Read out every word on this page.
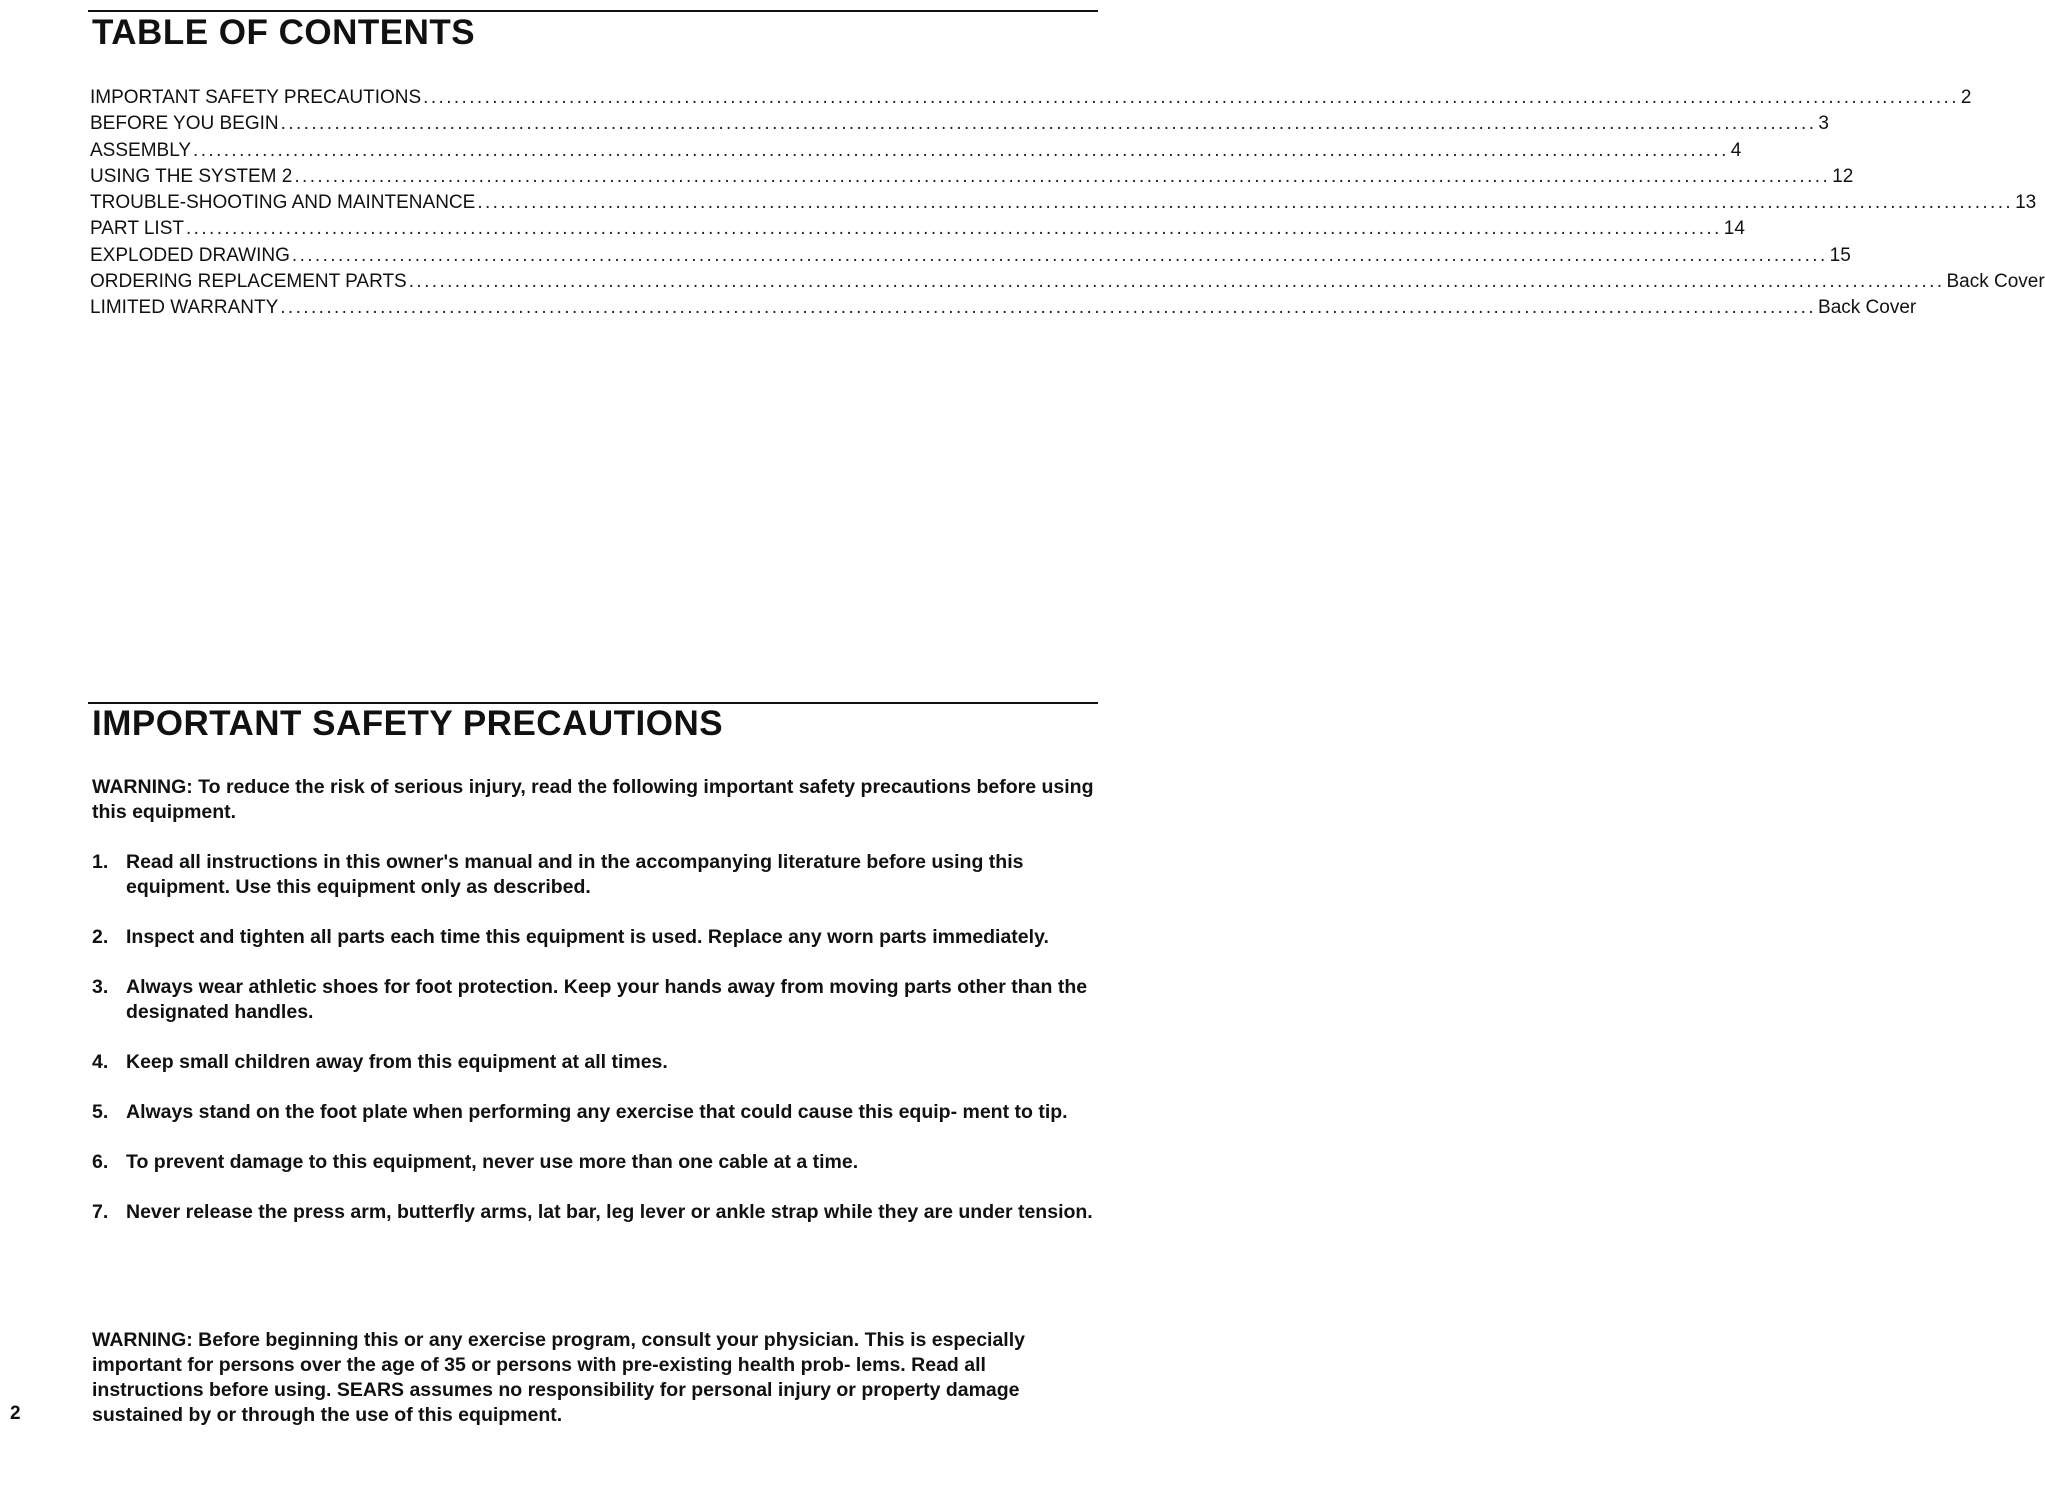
TABLE OF CONTENTS
IMPORTANT SAFETY PRECAUTIONS ........................................................................................................................................................................................................ 2
BEFORE YOU BEGIN ........................................................................................................................................................................................................ 3
ASSEMBLY ........................................................................................................................................................................................................ 4
USING THE SYSTEM 2 ........................................................................................................................................................................................................ 12
TROUBLE-SHOOTING AND MAINTENANCE ........................................................................................................................................................................................................ 13
PART LIST ........................................................................................................................................................................................................ 14
EXPLODED DRAWING ........................................................................................................................................................................................................ 15
ORDERING REPLACEMENT PARTS ........................................................................................................................................................................................................ Back Cover
LIMITED WARRANTY ........................................................................................................................................................................................................ Back Cover
IMPORTANT SAFETY PRECAUTIONS

WARNING: To reduce the risk of serious injury, read the following important safety precautions before using this equipment.

1. Read all instructions in this owner's manual and in the accompanying literature before using this equipment. Use this equipment only as described.
2. Inspect and tighten all parts each time this equipment is used. Replace any worn parts immediately.
3. Always wear athletic shoes for foot protection. Keep your hands away from moving parts other than the designated handles.
4. Keep small children away from this equipment at all times.
5. Always stand on the foot plate when performing any exercise that could cause this equip- ment to tip.
6. To prevent damage to this equipment, never use more than one cable at a time.
7. Never release the press arm, butterfly arms, lat bar, leg lever or ankle strap while they are under tension.

WARNING: Before beginning this or any exercise program, consult your physician. This is especially important for persons over the age of 35 or persons with pre-existing health prob- lems. Read all instructions before using. SEARS assumes no responsibility for personal injury or property damage sustained by or through the use of this equipment.

2
